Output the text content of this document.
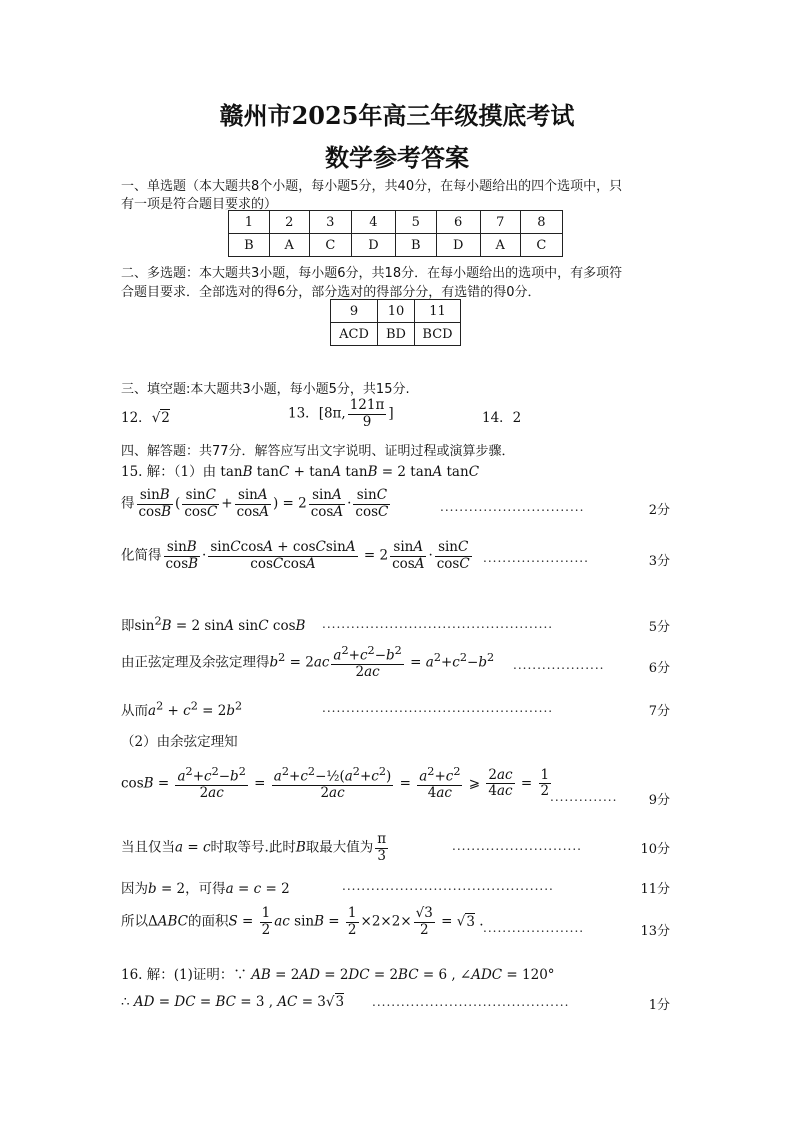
赣州市2025年高三年级摸底考试
数学参考答案
一、单选题（本大题共8个小题，每小题5分，共40分，在每小题给出的四个选项中，只
有一项是符合题目要求的）
1	2	3	4	5	6	7	8
B	A	C	D	B	D	A	C
二、多选题：本大题共3小题，每小题6分，共18分．在每小题给出的选项中，有多项符
合题目要求．全部选对的得6分，部分选对的得部分分，有选错的得0分．
9	10	11
ACD	BD	BCD
三、填空题:本大题共3小题，每小题5分，共15分.
12．√2	13．[8π, $\frac{121\pi}{9}$ ]	14．2
四、解答题：共77分．解答应写出文字说明、证明过程或演算步骤．
15. 解：（1）由 tanB tanC + tanA tanB = 2 tanA tanC
得 $\frac{\sin B}{\cos B}$ ( $\frac{\sin C}{\cos C} + \frac{\sin A}{\cos A}$ ) = $2 \frac{\sin A}{\cos A} \cdot \frac{\sin C}{\cos C}$	..............................	2分
化简得 $\frac{\sin B}{\cos B} \cdot \frac{\text{sinCcosA + cosCsinA}}{\text{cosCcosA}} = 2 \frac{\sin A}{\cos A} \cdot \frac{\sin C}{\cos C}$ ......................	3分
即$\sin^2B = 2$ sinA sinC cosB ................................................	5分
由正弦定理及余弦定理得$b^2 = 2ac \frac{a^2+c^2-b^2}{2ac} = a^2+c^2-b^2$
...................	6分
从而$a^2 + c^2 = 2b^2$	................................................	7分
（2）由余弦定理知
$\cos B = \frac{a^2+c^2-b^2}{2ac} = \frac{a^2+c^2-\frac{1}{2}(a^2+c^2)}{2ac} = \frac{a^2+c^2}{4ac}$ ⩾ $\frac{2ac}{4ac} = \frac{1}{2}$
.............. 9分
当且仅当a = c时取等号.此时B取最大值为 $\frac{\pi}{3}$	...........................	10分
因为b = 2，可得a = c = 2	............................................	11分
所以ΔABC的面积$S = \frac{1}{2}$ ac $\sin B = \frac{1}{2} \times 2\times 2\times \frac{√3}{2} = √3$ . .....................	13分
16. 解：(1)证明：∵ AB = 2AD = 2DC = 2BC = 6 , ∠ADC = 120°
∴ AD = DC = BC = 3 , AC = 3√3 .........................................	1分
